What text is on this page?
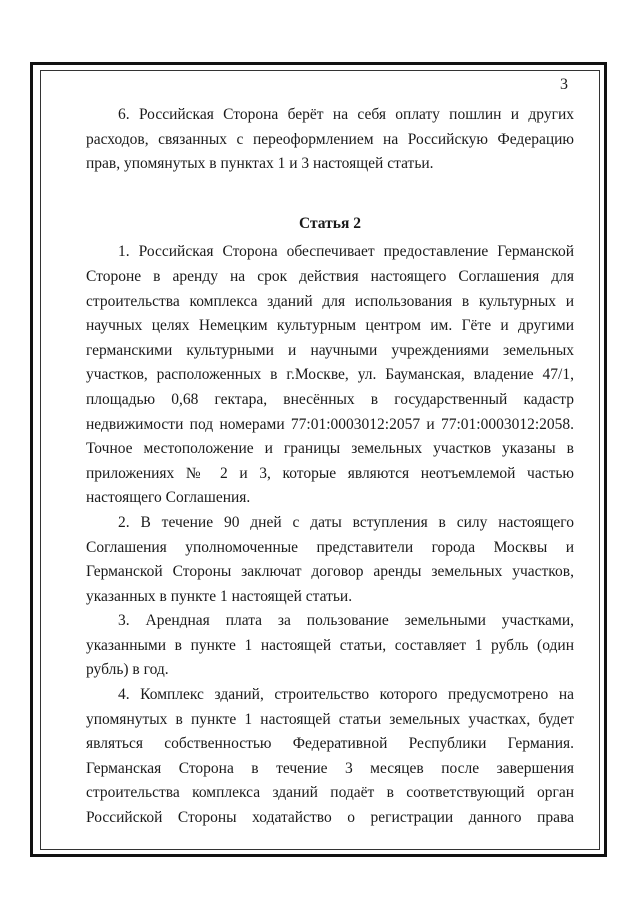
3
6. Российская Сторона берёт на себя оплату пошлин и других
расходов, связанных с переоформлением на Российскую Федерацию
прав, упомянутых в пунктах 1 и 3 настоящей статьи.
Статья 2
1. Российская Сторона обеспечивает предоставление Германской
Стороне в аренду на срок действия настоящего Соглашения для
строительства комплекса зданий для использования в культурных и
научных целях Немецким культурным центром им. Гёте и другими
германскими культурными и научными учреждениями земельных
участков, расположенных в г.Москве, ул. Бауманская, владение 47/1,
площадью 0,68 гектара, внесённых в государственный кадастр
недвижимости под номерами 77:01:0003012:2057 и 77:01:0003012:2058.
Точное местоположение и границы земельных участков указаны в
приложениях № 2 и 3, которые являются неотъемлемой частью
настоящего Соглашения.
2. В течение 90 дней с даты вступления в силу настоящего
Соглашения уполномоченные представители города Москвы и
Германской Стороны заключат договор аренды земельных участков,
указанных в пункте 1 настоящей статьи.
3. Арендная плата за пользование земельными участками,
указанными в пункте 1 настоящей статьи, составляет 1 рубль (один
рубль) в год.
4. Комплекс зданий, строительство которого предусмотрено на
упомянутых в пункте 1 настоящей статьи земельных участках, будет
являться собственностью Федеративной Республики Германия.
Германская Сторона в течение 3 месяцев после завершения
строительства комплекса зданий подаёт в соответствующий орган
Российской Стороны ходатайство о регистрации данного права
